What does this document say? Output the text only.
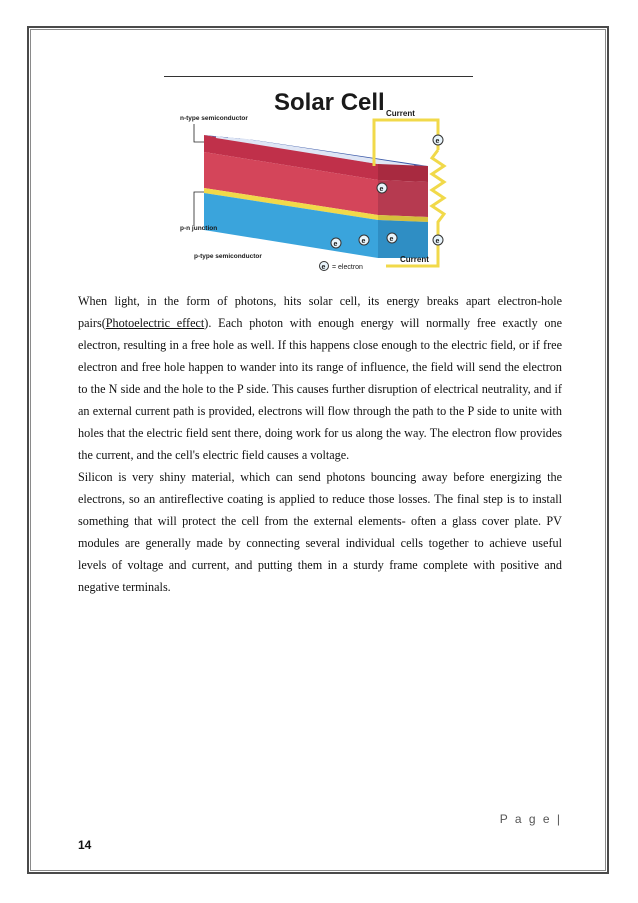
Solar Cell Current
Current
n-type semiconductor
p-n junction
p-type semiconductor
= electron
e	e	e
e
e
e
e

When light, in the form of photons, hits solar cell, its energy breaks apart electron-hole pairs(Photoelectric effect). Each photon with enough energy will normally free exactly one electron, resulting in a free hole as well. If this happens close enough to the electric field, or if free electron and free hole happen to wander into its range of influence, the field will send the electron to the N side and the hole to the P side. This causes further disruption of electrical neutrality, and if an external current path is provided, electrons will flow through the path to the P side to unite with holes that the electric field sent there, doing work for us along the way. The electron flow provides the current, and the cell's electric field causes a voltage.

Silicon is very shiny material, which can send photons bouncing away before energizing the electrons, so an antireflective coating is applied to reduce those losses. The final step is to install something that will protect the cell from the external elements- often a glass cover plate. PV modules are generally made by connecting several individual cells together to achieve useful levels of voltage and current, and putting them in a sturdy frame complete with positive and negative terminals.

P a g e |
14
